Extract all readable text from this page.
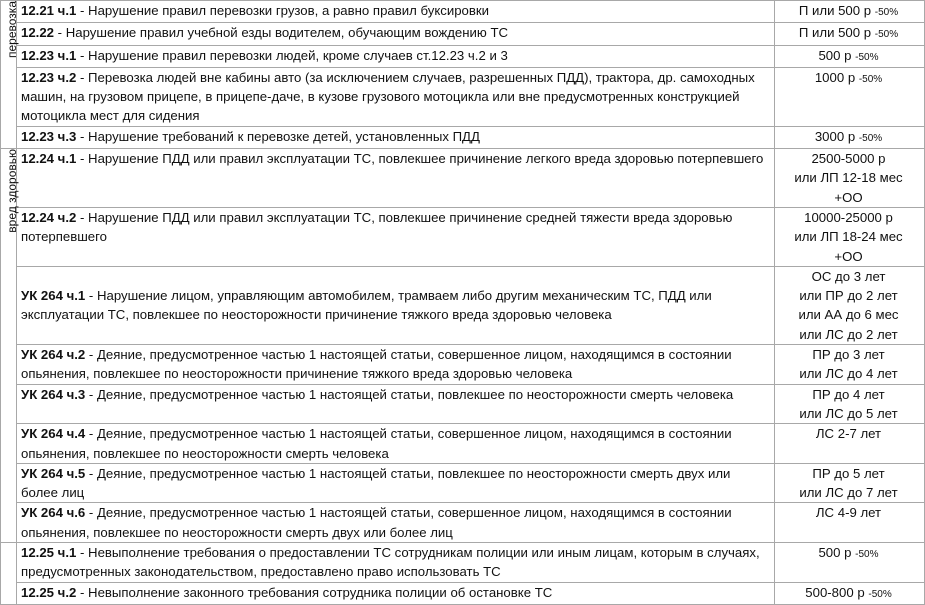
перевозка	12.21 ч.1 - Нарушение правил перевозки грузов, а равно правил буксировки	П или 500 р -50%
	12.22 - Нарушение правил учебной езды водителем, обучающим вождению ТС	П или 500 р -50%
	12.23 ч.1 - Нарушение правил перевозки людей, кроме случаев ст.12.23 ч.2 и 3	500 р -50%
	12.23 ч.2 - Перевозка людей вне кабины авто (за исключением случаев, разрешенных ПДД), трактора, др. самоходных машин, на грузовом прицепе, в прицепе-даче, в кузове грузового мотоцикла или вне предусмотренных конструкцией мотоцикла мест для сидения	1000 р -50%
	12.23 ч.3 - Нарушение требований к перевозке детей, установленных ПДД	3000 р -50%
вред здоровью	12.24 ч.1 - Нарушение ПДД или правил эксплуатации ТС, повлекшее причинение легкого вреда здоровью потерпевшего	2500-5000 р
или ЛП 12-18 мес +ОО

	12.24 ч.2 - Нарушение ПДД или правил эксплуатации ТС, повлекшее причинение средней тяжести вреда здоровью потерпевшего	10000-25000 р
или ЛП 18-24 мес +ОО

	УК 264 ч.1 - Нарушение лицом, управляющим автомобилем, трамваем либо другим механическим ТС, ПДД или эксплуатации ТС, повлекшее по неосторожности причинение тяжкого вреда здоровью человека	ОС до 3 лет
или ПР до 2 лет
или АА до 6 мес
или ЛС до 2 лет

	УК 264 ч.2 - Деяние, предусмотренное частью 1 настоящей статьи, совершенное лицом, находящимся в состоянии опьянения, повлекшее по неосторожности причинение тяжкого вреда здоровью человека	ПР до 3 лет
или ЛС до 4 лет

	УК 264 ч.3 - Деяние, предусмотренное частью 1 настоящей статьи, повлекшее по неосторожности смерть человека	ПР до 4 лет
или ЛС до 5 лет

	УК 264 ч.4 - Деяние, предусмотренное частью 1 настоящей статьи, совершенное лицом, находящимся в состоянии опьянения, повлекшее по неосторожности смерть человека	ЛС 2-7 лет

	УК 264 ч.5 - Деяние, предусмотренное частью 1 настоящей статьи, повлекшее по неосторожности смерть двух или более лиц	ПР до 5 лет
или ЛС до 7 лет

	УК 264 ч.6 - Деяние, предусмотренное частью 1 настоящей статьи, совершенное лицом, находящимся в состоянии опьянения, повлекшее по неосторожности смерть двух или более лиц	ЛС 4-9 лет

	12.25 ч.1 - Невыполнение требования о предоставлении ТС сотрудникам полиции или иным лицам, которым в случаях, предусмотренных законодательством, предоставлено право использовать ТС	500 р -50%
	12.25 ч.2 - Невыполнение законного требования сотрудника полиции об остановке ТС	500-800 р -50%
